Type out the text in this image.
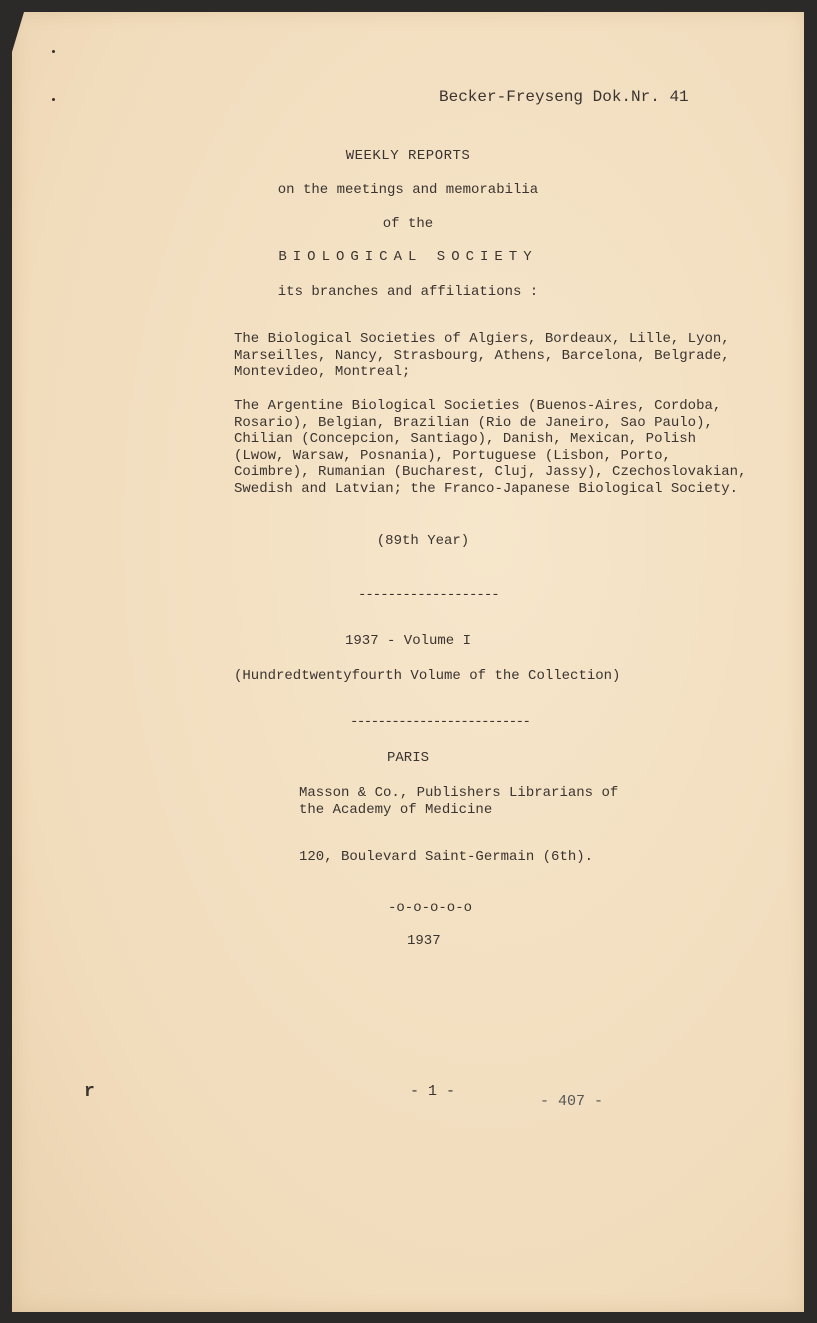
Becker-Freyseng Dok.Nr. 41
WEEKLY REPORTS
on the meetings and memorabilia
of the
BIOLOGICAL SOCIETY
its branches and affiliations :
The Biological Societies of Algiers, Bordeaux, Lille, Lyon, Marseilles, Nancy, Strasbourg, Athens, Barcelona, Belgrade, Montevideo, Montreal;
The Argentine Biological Societies (Buenos-Aires, Cordoba, Rosario), Belgian, Brazilian (Rio de Janeiro, Sao Paulo), Chilian (Concepcion, Santiago), Danish, Mexican, Polish (Lwow, Warsaw, Posnania), Portuguese (Lisbon, Porto, Coimbre), Rumanian (Bucharest, Cluj, Jassy), Czechoslovakian, Swedish and Latvian; the Franco-Japanese Biological Society.
(89th Year)
-------------------
1937 - Volume I
(Hundredtwentyfourth Volume of the Collection)
--------------------------
PARIS
Masson & Co., Publishers Librarians of
the Academy of Medicine
120, Boulevard Saint-Germain (6th).
-o-o-o-o-o
1937
r	- 1 -
- 407 -
